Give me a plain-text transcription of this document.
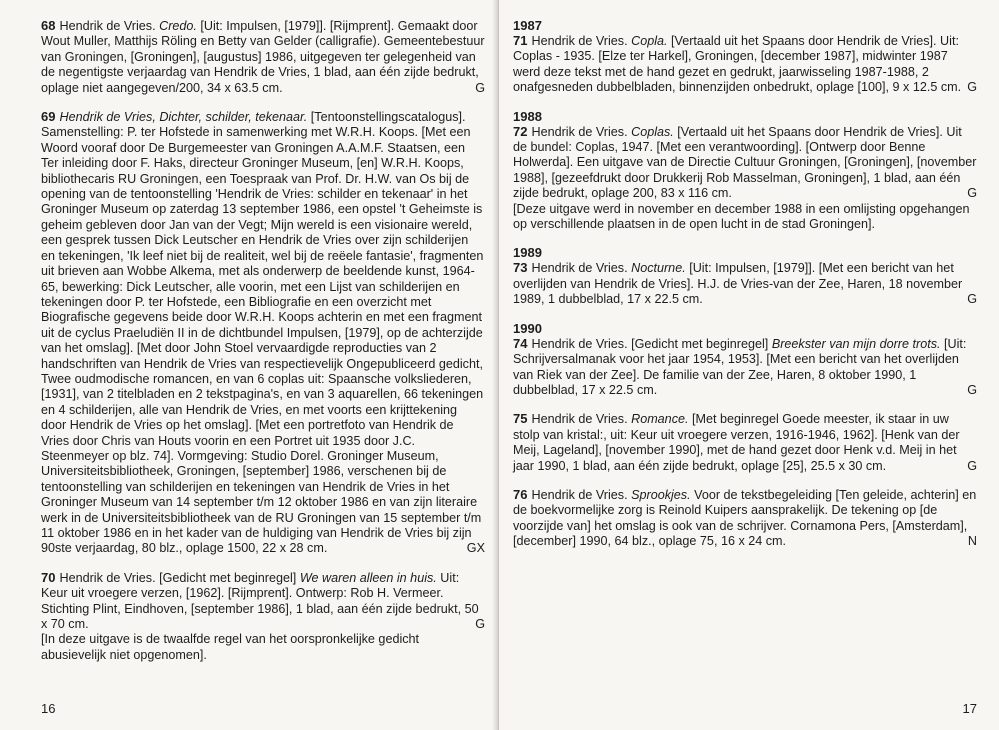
68 Hendrik de Vries. Credo. [Uit: Impulsen, [1979]]. [Rijmprent]. Gemaakt door Wout Muller, Matthijs Röling en Betty van Gelder (calligrafie). Gemeentebestuur van Groningen, [Groningen], [augustus] 1986, uitgegeven ter gelegenheid van de negentigste verjaardag van Hendrik de Vries, 1 blad, aan één zijde bedrukt, oplage niet aangegeven/200, 34 x 63.5 cm.	G
69 Hendrik de Vries, Dichter, schilder, tekenaar. [Tentoonstellingscatalogus]. Samenstelling: P. ter Hofstede in samenwerking met W.R.H. Koops. [Met een Woord vooraf door De Burgemeester van Groningen A.A.M.F. Staatsen, een Ter inleiding door F. Haks, directeur Groninger Museum, [en] W.R.H. Koops, bibliothecaris RU Groningen, een Toespraak van Prof. Dr. H.W. van Os bij de opening van de tentoonstelling 'Hendrik de Vries: schilder en tekenaar' in het Groninger Museum op zaterdag 13 september 1986, een opstel 't Geheimste is geheim gebleven door Jan van der Vegt; Mijn wereld is een visionaire wereld, een gesprek tussen Dick Leutscher en Hendrik de Vries over zijn schilderijen en tekeningen, 'Ik leef niet bij de realiteit, wel bij de reëele fantasie', fragmenten uit brieven aan Wobbe Alkema, met als onderwerp de beeldende kunst, 1964-65, bewerking: Dick Leutscher, alle voorin, met een Lijst van schilderijen en tekeningen door P. ter Hofstede, een Bibliografie en een overzicht met Biografische gegevens beide door W.R.H. Koops achterin en met een fragment uit de cyclus Praeludiën II in de dichtbundel Impulsen, [1979], op de achterzijde van het omslag]. [Met door John Stoel vervaardigde reproducties van 2 handschriften van Hendrik de Vries van respectievelijk Ongepubliceerd gedicht, Twee oudmodische romancen, en van 6 coplas uit: Spaansche volksliederen, [1931], van 2 titelbladen en 2 tekstpagina's, en van 3 aquarellen, 66 tekeningen en 4 schilderijen, alle van Hendrik de Vries, en met voorts een krijttekening door Hendrik de Vries op het omslag]. [Met een portretfoto van Hendrik de Vries door Chris van Houts voorin en een Portret uit 1935 door J.C. Steenmeyer op blz. 74]. Vormgeving: Studio Dorel. Groninger Museum, Universiteitsbibliotheek, Groningen, [september] 1986, verschenen bij de tentoonstelling van schilderijen en tekeningen van Hendrik de Vries in het Groninger Museum van 14 september t/m 12 oktober 1986 en van zijn literaire werk in de Universiteitsbibliotheek van de RU Groningen van 15 september t/m 11 oktober 1986 en in het kader van de huldiging van Hendrik de Vries bij zijn 90ste verjaardag, 80 blz., oplage 1500, 22 x 28 cm.	GX
70 Hendrik de Vries. [Gedicht met beginregel] We waren alleen in huis. Uit: Keur uit vroegere verzen, [1962]. [Rijmprent]. Ontwerp: Rob H. Vermeer. Stichting Plint, Eindhoven, [september 1986], 1 blad, aan één zijde bedrukt, 50 x 70 cm.	G
[In deze uitgave is de twaalfde regel van het oorspronkelijke gedicht abusievelijk niet opgenomen].
16
1987
71 Hendrik de Vries. Copla. [Vertaald uit het Spaans door Hendrik de Vries]. Uit: Coplas - 1935. [Elze ter Harkel], Groningen, [december 1987], midwinter 1987 werd deze tekst met de hand gezet en gedrukt, jaarwisseling 1987-1988, 2 onafgesneden dubbelbladen, binnenzijden onbedrukt, oplage [100], 9 x 12.5 cm. G
1988
72 Hendrik de Vries. Coplas. [Vertaald uit het Spaans door Hendrik de Vries]. Uit de bundel: Coplas, 1947. [Met een verantwoording]. [Ontwerp door Benne Holwerda]. Een uitgave van de Directie Cultuur Groningen, [Groningen], [november 1988], [gezeefdrukt door Drukkerij Rob Masselman, Groningen], 1 blad, aan één zijde bedrukt, oplage 200, 83 x 116 cm.	G
[Deze uitgave werd in november en december 1988 in een omlijsting opgehangen op verschillende plaatsen in de open lucht in de stad Groningen].
1989
73 Hendrik de Vries. Nocturne. [Uit: Impulsen, [1979]]. [Met een bericht van het overlijden van Hendrik de Vries]. H.J. de Vries-van der Zee, Haren, 18 november 1989, 1 dubbelblad, 17 x 22.5 cm.	G
1990
74 Hendrik de Vries. [Gedicht met beginregel] Breekster van mijn dorre trots. [Uit: Schrijversalmanak voor het jaar 1954, 1953]. [Met een bericht van het overlijden van Riek van der Zee]. De familie van der Zee, Haren, 8 oktober 1990, 1 dubbelblad, 17 x 22.5 cm.	G
75 Hendrik de Vries. Romance. [Met beginregel Goede meester, ik staar in uw stolp van kristal:, uit: Keur uit vroegere verzen, 1916-1946, 1962]. [Henk van der Meij, Lageland], [november 1990], met de hand gezet door Henk v.d. Meij in het jaar 1990, 1 blad, aan één zijde bedrukt, oplage [25], 25.5 x 30 cm.	G
76 Hendrik de Vries. Sprookjes. Voor de tekstbegeleiding [Ten geleide, achterin] en de boekvormelijke zorg is Reinold Kuipers aansprakelijk. De tekening op [de voorzijde van] het omslag is ook van de schrijver. Cornamona Pers, [Amsterdam], [december] 1990, 64 blz., oplage 75, 16 x 24 cm.	N
17
